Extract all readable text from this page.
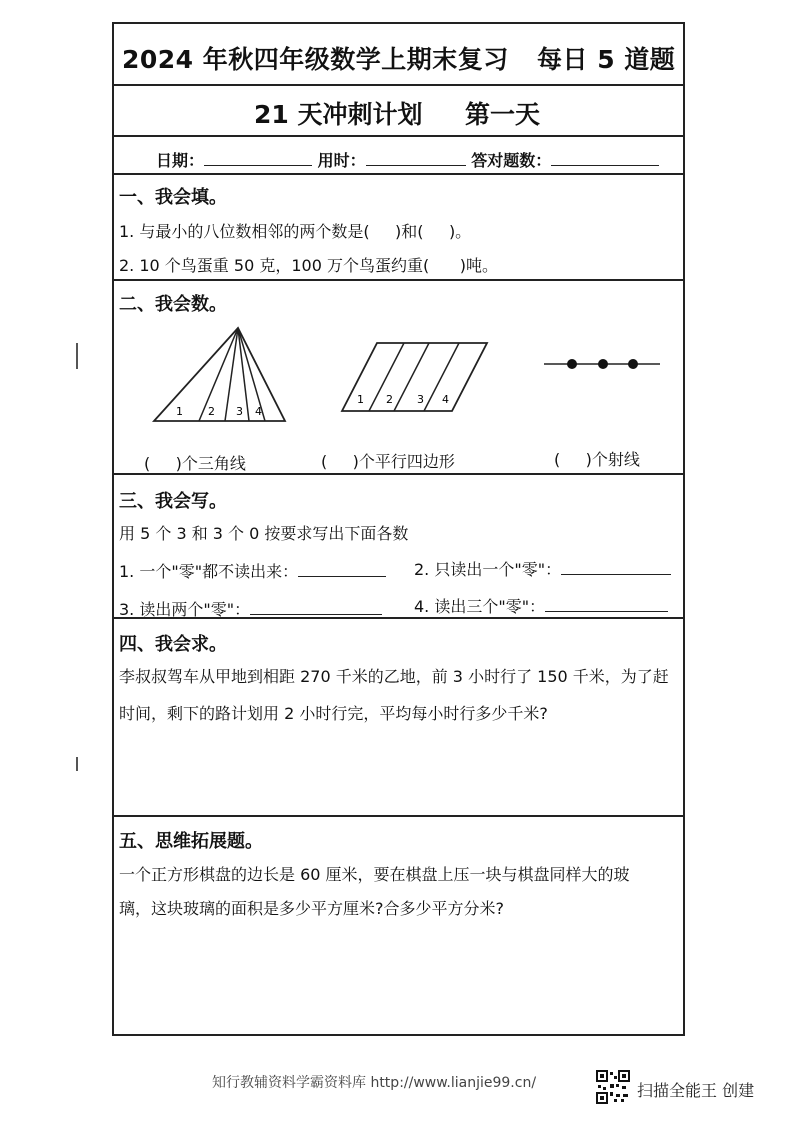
2024 年秋四年级数学上期末复习 每日 5 道题
21 天冲刺计划 第一天
日期：	用时：	答对题数：
一、我会填。
1. 与最小的八位数相邻的两个数是(     )和(     )。
2. 10 个鸟蛋重 50 克，100 万个鸟蛋约重(      )吨。
二、我会数。
1 2 3 4
1 2 3 4
(     )个三角线	(     )个平行四边形	(     )个射线
三、我会写。
用 5 个 3 和 3 个 0 按要求写出下面各数
1. 一个"零"都不读出来：	2. 只读出一个"零"：
3. 读出两个"零"：	4. 读出三个"零"：
四、我会求。
李叔叔驾车从甲地到相距 270 千米的乙地，前 3 小时行了 150 千米，为了赶
时间，剩下的路计划用 2 小时行完，平均每小时行多少千米?
五、思维拓展题。
一个正方形棋盘的边长是 60 厘米，要在棋盘上压一块与棋盘同样大的玻
璃，这块玻璃的面积是多少平方厘米?合多少平方分米?
知行教辅资料学霸资料库 http://www.lianjie99.cn/	扫描全能王 创建
